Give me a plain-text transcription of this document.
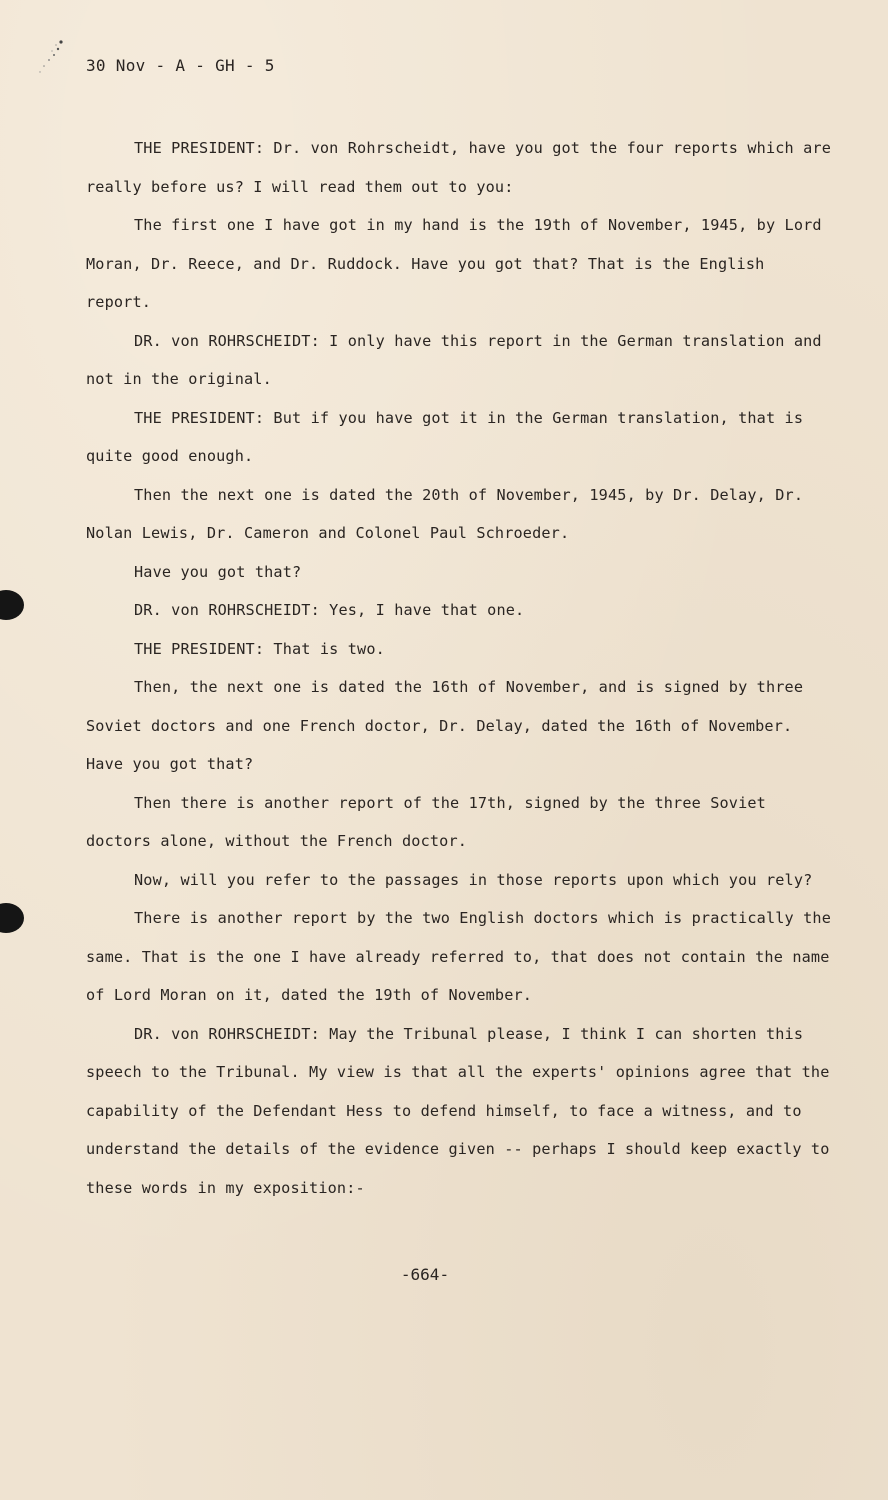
30 Nov - A - GH - 5

THE PRESIDENT: Dr. von Rohrscheidt, have you got the four reports which are really before us? I will read them out to you:

The first one I have got in my hand is the 19th of November, 1945, by Lord Moran, Dr. Reece, and Dr. Ruddock. Have you got that? That is the English report.

DR. von ROHRSCHEIDT: I only have this report in the German translation and not in the original.

THE PRESIDENT: But if you have got it in the German translation, that is quite good enough.

Then the next one is dated the 20th of November, 1945, by Dr. Delay, Dr. Nolan Lewis, Dr. Cameron and Colonel Paul Schroeder.

Have you got that?

DR. von ROHRSCHEIDT: Yes, I have that one.

THE PRESIDENT: That is two.

Then, the next one is dated the 16th of November, and is signed by three Soviet doctors and one French doctor, Dr. Delay, dated the 16th of November. Have you got that?

Then there is another report of the 17th, signed by the three Soviet doctors alone, without the French doctor.

Now, will you refer to the passages in those reports upon which you rely?

There is another report by the two English doctors which is practically the same. That is the one I have already referred to, that does not contain the name of Lord Moran on it, dated the 19th of November.

DR. von ROHRSCHEIDT: May the Tribunal please, I think I can shorten this speech to the Tribunal. My view is that all the experts' opinions agree that the capability of the Defendant Hess to defend himself, to face a witness, and to understand the details of the evidence given -- perhaps I should keep exactly to these words in my exposition:-

-664-
